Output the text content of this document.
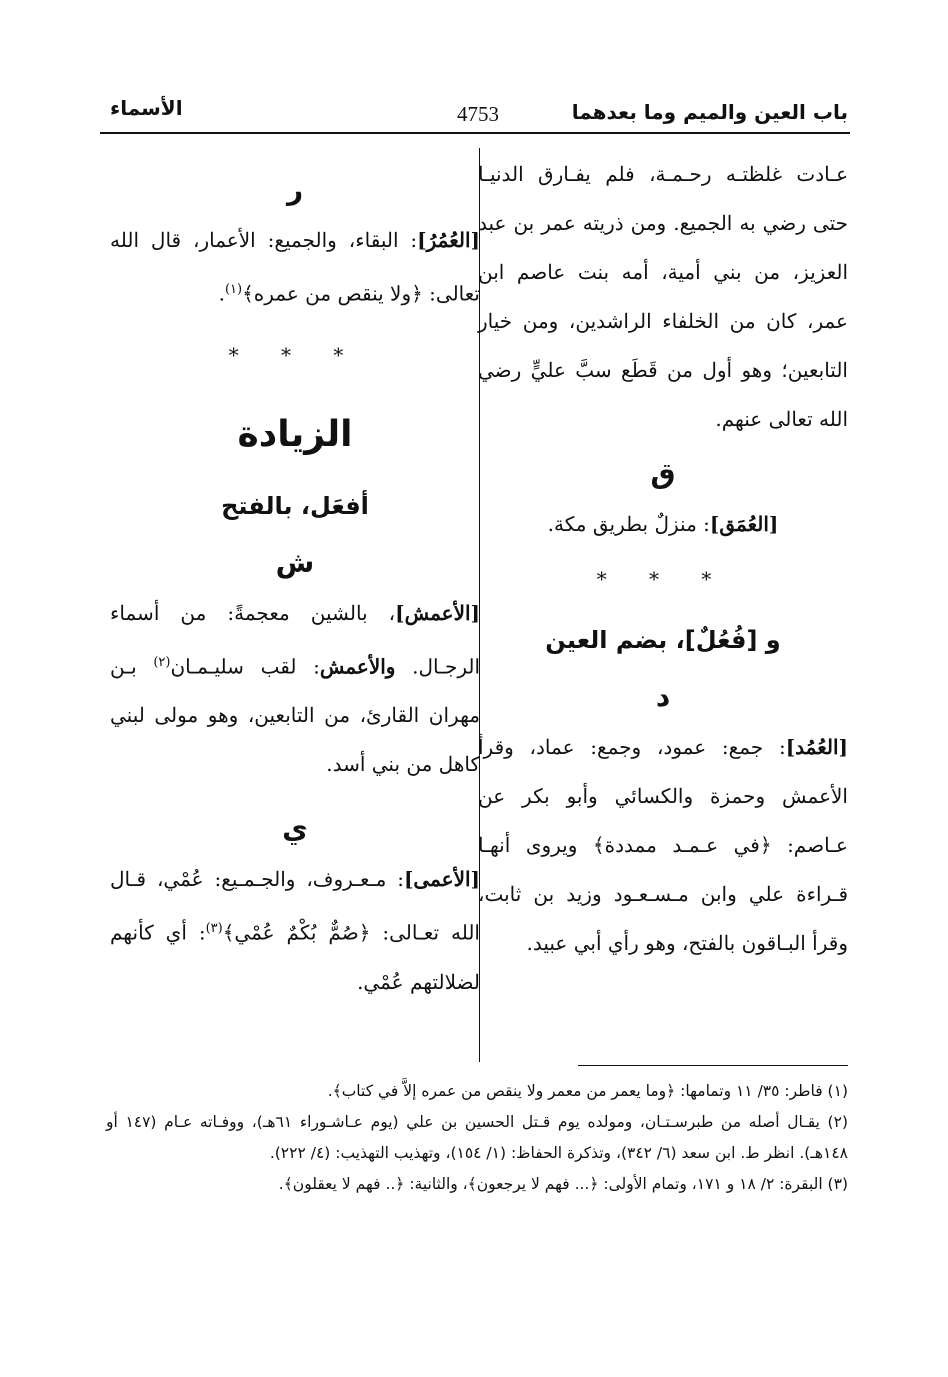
باب العين والميم وما بعدهما
4753
الأسماء

عـادت غلظتـه رحـمـة، فلم يفـارق الدنيـا حتى رضي به الجميع. ومن ذريته عمر بن عبد العزيز، من بني أمية، أمه بنت عاصم ابن عمر، كان من الخلفاء الراشدين، ومن خيار التابعين؛ وهو أول من قَطَع سبَّ عليٍّ رضي الله تعالى عنهم.

ق

[العُمَق]: منزلٌ بطريق مكة.

* * *
و [فُعُلٌ]، بضم العين
د

[العُمُد]: جمع: عمود، وجمع: عماد، وقرأ الأعمش وحمزة والكسائي وأبو بكر عن عـاصم: ﴿في عـمـد ممددة﴾ ويروى أنهـا قـراءة علي وابن مـسـعـود وزيد بن ثابت، وقرأ البـاقون بالفتح، وهو رأي أبي عبيد.

ر

[العُمُرُ]: البقاء، والجميع: الأعمار، قال الله تعالى: ﴿ولا ينقص من عمره﴾$^{(١)}$.

* * *
الزيادة
أفعَل، بالفتح
ش

[الأعمش]، بالشين معجمةً: من أسماء الرجـال. والأعمش: لقب سليـمـان$^{(٢)}$ بـن مهران القارئ، من التابعين، وهو مولى لبني كاهل من بني أسد.

ي

[الأعمى]: مـعـروف، والجـمـيع: عُمْي، قـال الله تعـالى: ﴿صُمٌّ بُكْمٌ عُمْي﴾$^{(٣)}$: أي كأنهم لضلالتهم عُمْي.

(١) فاطر: ٣٥/ ١١ وتمامها: ﴿وما يعمر من معمر ولا ينقص من عمره إلاَّ في كتاب﴾.

(٢) يقـال أصله من طبرسـتـان، ومولده يوم قـتل الحسين بن علي (يوم عـاشـوراء ٦١هـ)، ووفـاته عـام (١٤٧ أو ١٤٨هـ). انظر ط. ابن سعد (٦/ ٣٤٢)، وتذكرة الحفاظ: (١/ ١٥٤)، وتهذيب التهذيب: (٤/ ٢٢٢).

(٣) البقرة: ٢/ ١٨ و ١٧١، وتمام الأولى: ﴿... فهم لا يرجعون﴾، والثانية: ﴿.. فهم لا يعقلون﴾.
